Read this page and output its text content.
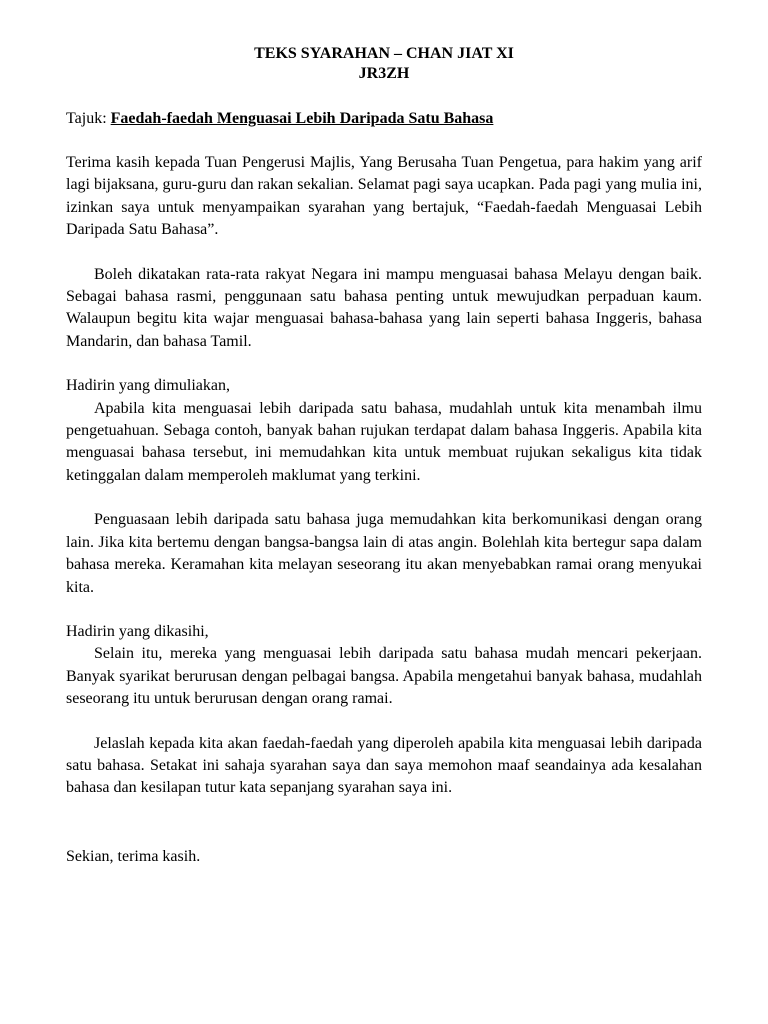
TEKS SYARAHAN – CHAN JIAT XI
JR3ZH
Tajuk: Faedah-faedah Menguasai Lebih Daripada Satu Bahasa

Terima kasih kepada Tuan Pengerusi Majlis, Yang Berusaha Tuan Pengetua, para hakim yang arif lagi bijaksana, guru-guru dan rakan sekalian. Selamat pagi saya ucapkan. Pada pagi yang mulia ini, izinkan saya untuk menyampaikan syarahan yang bertajuk, “Faedah-faedah Menguasai Lebih Daripada Satu Bahasa”.

Boleh dikatakan rata-rata rakyat Negara ini mampu menguasai bahasa Melayu dengan baik. Sebagai bahasa rasmi, penggunaan satu bahasa penting untuk mewujudkan perpaduan kaum. Walaupun begitu kita wajar menguasai bahasa-bahasa yang lain seperti bahasa Inggeris, bahasa Mandarin, dan bahasa Tamil.

Hadirin yang dimuliakan,

Apabila kita menguasai lebih daripada satu bahasa, mudahlah untuk kita menambah ilmu pengetuahuan. Sebaga contoh, banyak bahan rujukan terdapat dalam bahasa Inggeris. Apabila kita menguasai bahasa tersebut, ini memudahkan kita untuk membuat rujukan sekaligus kita tidak ketinggalan dalam memperoleh maklumat yang terkini.

Penguasaan lebih daripada satu bahasa juga memudahkan kita berkomunikasi dengan orang lain. Jika kita bertemu dengan bangsa-bangsa lain di atas angin. Bolehlah kita bertegur sapa dalam bahasa mereka. Keramahan kita melayan seseorang itu akan menyebabkan ramai orang menyukai kita.

Hadirin yang dikasihi,

Selain itu, mereka yang menguasai lebih daripada satu bahasa mudah mencari pekerjaan. Banyak syarikat berurusan dengan pelbagai bangsa. Apabila mengetahui banyak bahasa, mudahlah seseorang itu untuk berurusan dengan orang ramai.

Jelaslah kepada kita akan faedah-faedah yang diperoleh apabila kita menguasai lebih daripada satu bahasa. Setakat ini sahaja syarahan saya dan saya memohon maaf seandainya ada kesalahan bahasa dan kesilapan tutur kata sepanjang syarahan saya ini.

Sekian, terima kasih.
